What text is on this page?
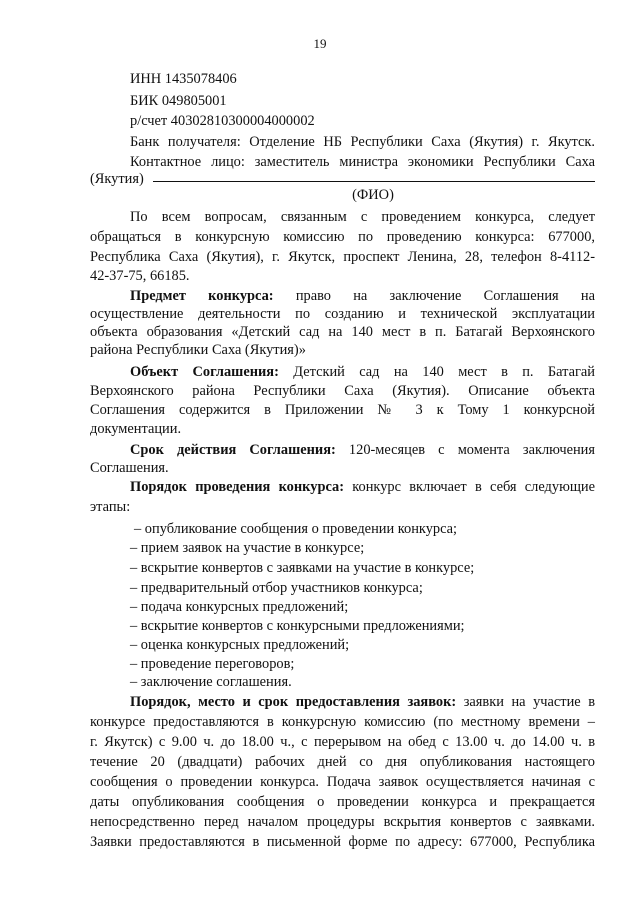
19
ИНН 1435078406
БИК 049805001
р/счет 40302810300004000002
Банк получателя: Отделение НБ Республики Саха (Якутия) г. Якутск.
Контактное лицо: заместитель министра экономики Республики Саха
(Якутия)
(ФИО)
По всем вопросам, связанным с проведением конкурса, следует
обращаться в конкурсную комиссию по проведению конкурса: 677000,
Республика Саха (Якутия), г. Якутск, проспект Ленина, 28, телефон 8-4112-
42-37-75, 66185.
Предмет конкурса: право на заключение Соглашения на
осуществление деятельности по созданию и технической эксплуатации
объекта образования «Детский сад на 140 мест в п. Батагай Верхоянского
района Республики Саха (Якутия)»
Объект Соглашения: Детский сад на 140 мест в п. Батагай
Верхоянского района Республики Саха (Якутия). Описание объекта
Соглашения содержится в Приложении № 3 к Тому 1 конкурсной
документации.
Срок действия Соглашения: 120-месяцев с момента заключения
Соглашения.
Порядок проведения конкурса: конкурс включает в себя следующие
этапы:
– опубликование сообщения о проведении конкурса;
– прием заявок на участие в конкурсе;
– вскрытие конвертов с заявками на участие в конкурсе;
– предварительный отбор участников конкурса;
– подача конкурсных предложений;
– вскрытие конвертов с конкурсными предложениями;
– оценка конкурсных предложений;
– проведение переговоров;
– заключение соглашения.
Порядок, место и срок предоставления заявок: заявки на участие в
конкурсе предоставляются в конкурсную комиссию (по местному времени –
г. Якутск) с 9.00 ч. до 18.00 ч., с перерывом на обед с 13.00 ч. до 14.00 ч. в
течение 20 (двадцати) рабочих дней со дня опубликования настоящего
сообщения о проведении конкурса. Подача заявок осуществляется начиная с
даты опубликования сообщения о проведении конкурса и прекращается
непосредственно перед началом процедуры вскрытия конвертов с заявками.
Заявки предоставляются в письменной форме по адресу: 677000, Республика
